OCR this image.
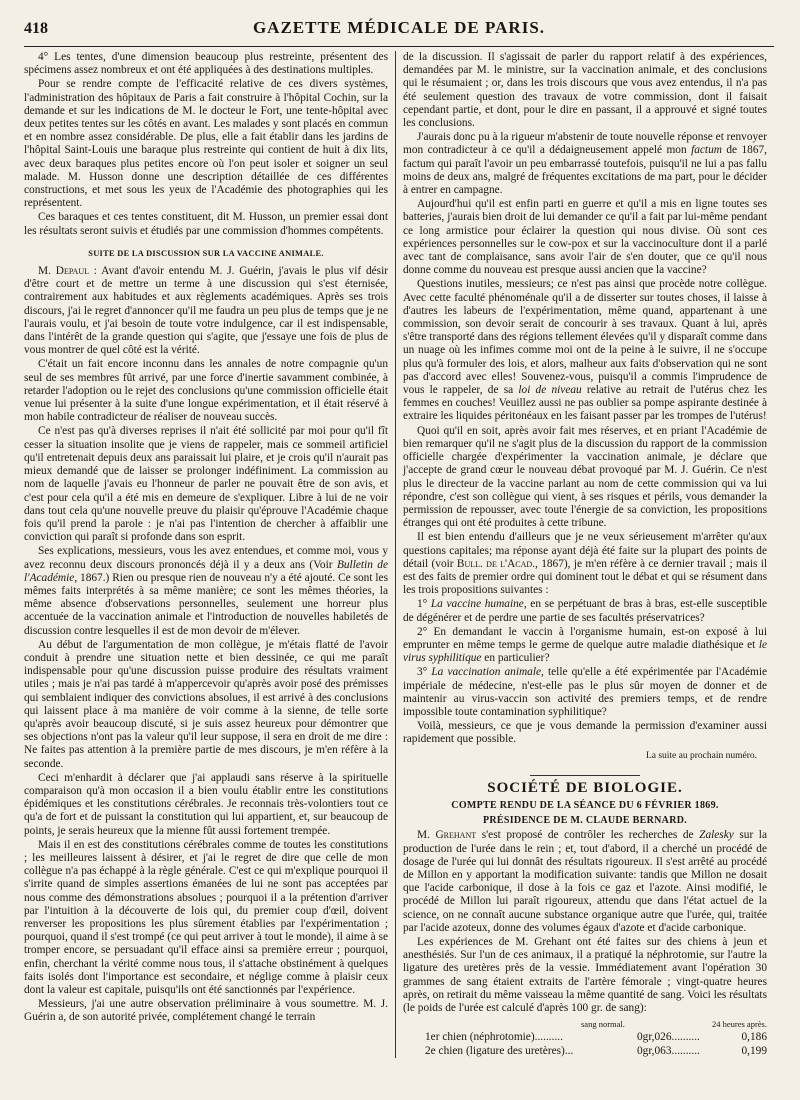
418	GAZETTE MÉDICALE DE PARIS.

4° Les tentes, d'une dimension beaucoup plus restreinte, présentent des spécimens assez nombreux et ont été appliquées à des destinations multiples.

Pour se rendre compte de l'efficacité relative de ces divers systèmes, l'administration des hôpitaux de Paris a fait construire à l'hôpital Cochin, sur la demande et sur les indications de M. le docteur le Fort, une tente-hôpital avec deux petites tentes sur les côtés en avant. Les malades y sont placés en commun et en nombre assez considérable. De plus, elle a fait établir dans les jardins de l'hôpital Saint-Louis une baraque plus restreinte qui contient de huit à dix lits, avec deux baraques plus petites encore où l'on peut isoler et soigner un seul malade. M. Husson donne une description détaillée de ces différentes constructions, et met sous les yeux de l'Académie des photographies qui les représentent.

Ces baraques et ces tentes constituent, dit M. Husson, un premier essai dont les résultats seront suivis et étudiés par une commission d'hommes compétents.

SUITE DE LA DISCUSSION SUR LA VACCINE ANIMALE.

M. Depaul : Avant d'avoir entendu M. J. Guérin, j'avais le plus vif désir d'être court et de mettre un terme à une discussion qui s'est éternisée, contrairement aux habitudes et aux règlements académiques. Après ses trois discours, j'ai le regret d'annoncer qu'il me faudra un peu plus de temps que je ne l'aurais voulu, et j'ai besoin de toute votre indulgence, car il est indispensable, dans l'intérêt de la grande question qui s'agite, que j'essaye une fois de plus de vous montrer de quel côté est la vérité.

C'était un fait encore inconnu dans les annales de notre compagnie qu'un seul de ses membres fût arrivé, par une force d'inertie savamment combinée, à retarder l'adoption ou le rejet des conclusions qu'une commission officielle était venue lui présenter à la suite d'une longue expérimentation, et il était réservé à mon habile contradicteur de réaliser de nouveau succès.

Ce n'est pas qu'à diverses reprises il n'ait été sollicité par moi pour qu'il fît cesser la situation insolite que je viens de rappeler, mais ce sommeil artificiel qu'il entretenait depuis deux ans paraissait lui plaire, et je crois qu'il n'aurait pas mieux demandé que de laisser se prolonger indéfiniment. La commission au nom de laquelle j'avais eu l'honneur de parler ne pouvait être de son avis, et c'est pour cela qu'il a été mis en demeure de s'expliquer. Libre à lui de ne voir dans tout cela qu'une nouvelle preuve du plaisir qu'éprouve l'Académie chaque fois qu'il prend la parole : je n'ai pas l'intention de chercher à affaiblir une conviction qui paraît si profonde dans son esprit.

Ses explications, messieurs, vous les avez entendues, et comme moi, vous y avez reconnu deux discours prononcés déjà il y a deux ans (Voir Bulletin de l'Académie, 1867.) Rien ou presque rien de nouveau n'y a été ajouté. Ce sont les mêmes faits interprétés à sa même manière; ce sont les mêmes théories, la même absence d'observations personnelles, seulement une horreur plus accentuée de la vaccination animale et l'introduction de nouvelles habiletés de discussion contre lesquelles il est de mon devoir de m'élever.

Au début de l'argumentation de mon collègue, je m'étais flatté de l'avoir conduit à prendre une situation nette et bien dessinée, ce qui me paraît indispensable pour qu'une discussion puisse produire des résultats vraiment utiles ; mais je n'ai pas tardé à m'appercevoir qu'après avoir posé des prémisses qui semblaient indiquer des convictions absolues, il est arrivé à des conclusions qui laissent place à ma manière de voir comme à la sienne, de telle sorte qu'après avoir beaucoup discuté, si je suis assez heureux pour démontrer que ses objections n'ont pas la valeur qu'il leur suppose, il sera en droit de me dire : Ne faites pas attention à la première partie de mes discours, je m'en réfère à la seconde.

Ceci m'enhardit à déclarer que j'ai applaudi sans réserve à la spirituelle comparaison qu'à mon occasion il a bien voulu établir entre les constitutions épidémiques et les constitutions cérébrales. Je reconnais très-volontiers tout ce qu'a de fort et de puissant la constitution qui lui appartient, et, sur beaucoup de points, je serais heureux que la mienne fût aussi fortement trempée.

Mais il en est des constitutions cérébrales comme de toutes les constitutions ; les meilleures laissent à désirer, et j'ai le regret de dire que celle de mon collègue n'a pas échappé à la règle générale. C'est ce qui m'explique pourquoi il s'irrite quand de simples assertions émanées de lui ne sont pas acceptées par nous comme des démonstrations absolues ; pourquoi il a la prétention d'arriver par l'intuition à la découverte de lois qui, du premier coup d'œil, doivent renverser les propositions les plus sûrement établies par l'expérimentation ; pourquoi, quand il s'est trompé (ce qui peut arriver à tout le monde), il aime à se tromper encore, se persuadant qu'il efface ainsi sa première erreur ; pourquoi, enfin, cherchant la vérité comme nous tous, il s'attache obstinément à quelques faits isolés dont l'importance est secondaire, et néglige comme à plaisir ceux dont la valeur est capitale, puisqu'ils ont été sanctionnés par l'expérience.

Messieurs, j'ai une autre observation préliminaire à vous soumettre. M. J. Guérin a, de son autorité privée, complétement changé le terrain

de la discussion. Il s'agissait de parler du rapport relatif à des expériences, demandées par M. le ministre, sur la vaccination animale, et des conclusions qui le résumaient ; or, dans les trois discours que vous avez entendus, il n'a pas été seulement question des travaux de votre commission, dont il faisait cependant partie, et dont, pour le dire en passant, il a approuvé et signé toutes les conclusions.

J'aurais donc pu à la rigueur m'abstenir de toute nouvelle réponse et renvoyer mon contradicteur à ce qu'il a dédaigneusement appelé mon factum de 1867, factum qui paraît l'avoir un peu embarrassé toutefois, puisqu'il ne lui a pas fallu moins de deux ans, malgré de fréquentes excitations de ma part, pour le décider à entrer en campagne.

Aujourd'hui qu'il est enfin parti en guerre et qu'il a mis en ligne toutes ses batteries, j'aurais bien droit de lui demander ce qu'il a fait par lui-même pendant ce long armistice pour éclairer la question qui nous divise. Où sont ces expériences personnelles sur le cow-pox et sur la vaccinoculture dont il a parlé avec tant de complaisance, sans avoir l'air de s'en douter, que ce qu'il nous donne comme du nouveau est presque aussi ancien que la vaccine?

Questions inutiles, messieurs; ce n'est pas ainsi que procède notre collègue. Avec cette faculté phénoménale qu'il a de disserter sur toutes choses, il laisse à d'autres les labeurs de l'expérimentation, même quand, appartenant à une commission, son devoir serait de concourir à ses travaux. Quant à lui, après s'être transporté dans des régions tellement élevées qu'il y disparaît comme dans un nuage où les infimes comme moi ont de la peine à le suivre, il ne s'occupe plus qu'à formuler des lois, et alors, malheur aux faits d'observation qui ne sont pas d'accord avec elles! Souvenez-vous, puisqu'il a commis l'imprudence de vous le rappeler, de sa loi de niveau relative au retrait de l'utérus chez les femmes en couches! Veuillez aussi ne pas oublier sa pompe aspirante destinée à extraire les liquides péritonéaux en les faisant passer par les trompes de l'utérus!

Quoi qu'il en soit, après avoir fait mes réserves, et en priant l'Académie de bien remarquer qu'il ne s'agit plus de la discussion du rapport de la commission officielle chargée d'expérimenter la vaccination animale, je déclare que j'accepte de grand cœur le nouveau débat provoqué par M. J. Guérin. Ce n'est plus le directeur de la vaccine parlant au nom de cette commission qui va lui répondre, c'est son collègue qui vient, à ses risques et périls, vous demander la permission de repousser, avec toute l'énergie de sa conviction, les propositions étranges qui ont été produites à cette tribune.

Il est bien entendu d'ailleurs que je ne veux sérieusement m'arrêter qu'aux questions capitales; ma réponse ayant déjà été faite sur la plupart des points de détail (voir Bull. de l'Acad., 1867), je m'en réfère à ce dernier travail ; mais il est des faits de premier ordre qui dominent tout le débat et qui se résument dans les trois propositions suivantes :

1° La vaccine humaine, en se perpétuant de bras à bras, est-elle susceptible de dégénérer et de perdre une partie de ses facultés préservatrices?

2° En demandant le vaccin à l'organisme humain, est-on exposé à lui emprunter en même temps le germe de quelque autre maladie diathésique et le virus syphilitique en particulier?

3° La vaccination animale, telle qu'elle a été expérimentée par l'Académie impériale de médecine, n'est-elle pas le plus sûr moyen de donner et de maintenir au virus-vaccin son activité des premiers temps, et de rendre impossible toute contamination syphilitique?

Voilà, messieurs, ce que je vous demande la permission d'examiner aussi rapidement que possible.

La suite au prochain numéro.
SOCIÉTÉ DE BIOLOGIE.
COMPTE RENDU DE LA SÉANCE DU 6 FÉVRIER 1869.
PRÉSIDENCE DE M. CLAUDE BERNARD.

M. Grehant s'est proposé de contrôler les recherches de Zalesky sur la production de l'urée dans le rein ; et, tout d'abord, il a cherché un procédé de dosage de l'urée qui lui donnât des résultats rigoureux. Il s'est arrêté au procédé de Millon en y apportant la modification suivante: tandis que Millon ne dosait que l'acide carbonique, il dose à la fois ce gaz et l'azote. Ainsi modifié, le procédé de Millon lui paraît rigoureux, attendu que dans l'état actuel de la science, on ne connaît aucune substance organique autre que l'urée, qui, traitée par l'acide azoteux, donne des volumes égaux d'azote et d'acide carbonique.

Les expériences de M. Grehant ont été faites sur des chiens à jeun et anesthésiés. Sur l'un de ces animaux, il a pratiqué la néphrotomie, sur l'autre la ligature des uretères près de la vessie. Immédiatement avant l'opération 30 grammes de sang étaient extraits de l'artère fémorale ; vingt-quatre heures après, on retirait du même vaisseau la même quantité de sang. Voici les résultats (le poids de l'urée est calculé d'après 100 gr. de sang):

sang normal.	24 heures après.
1er chien (néphrotomie)..........	0gr,026..........	0,186
2e chien (ligature des uretères)...	0gr,063..........	0,199
